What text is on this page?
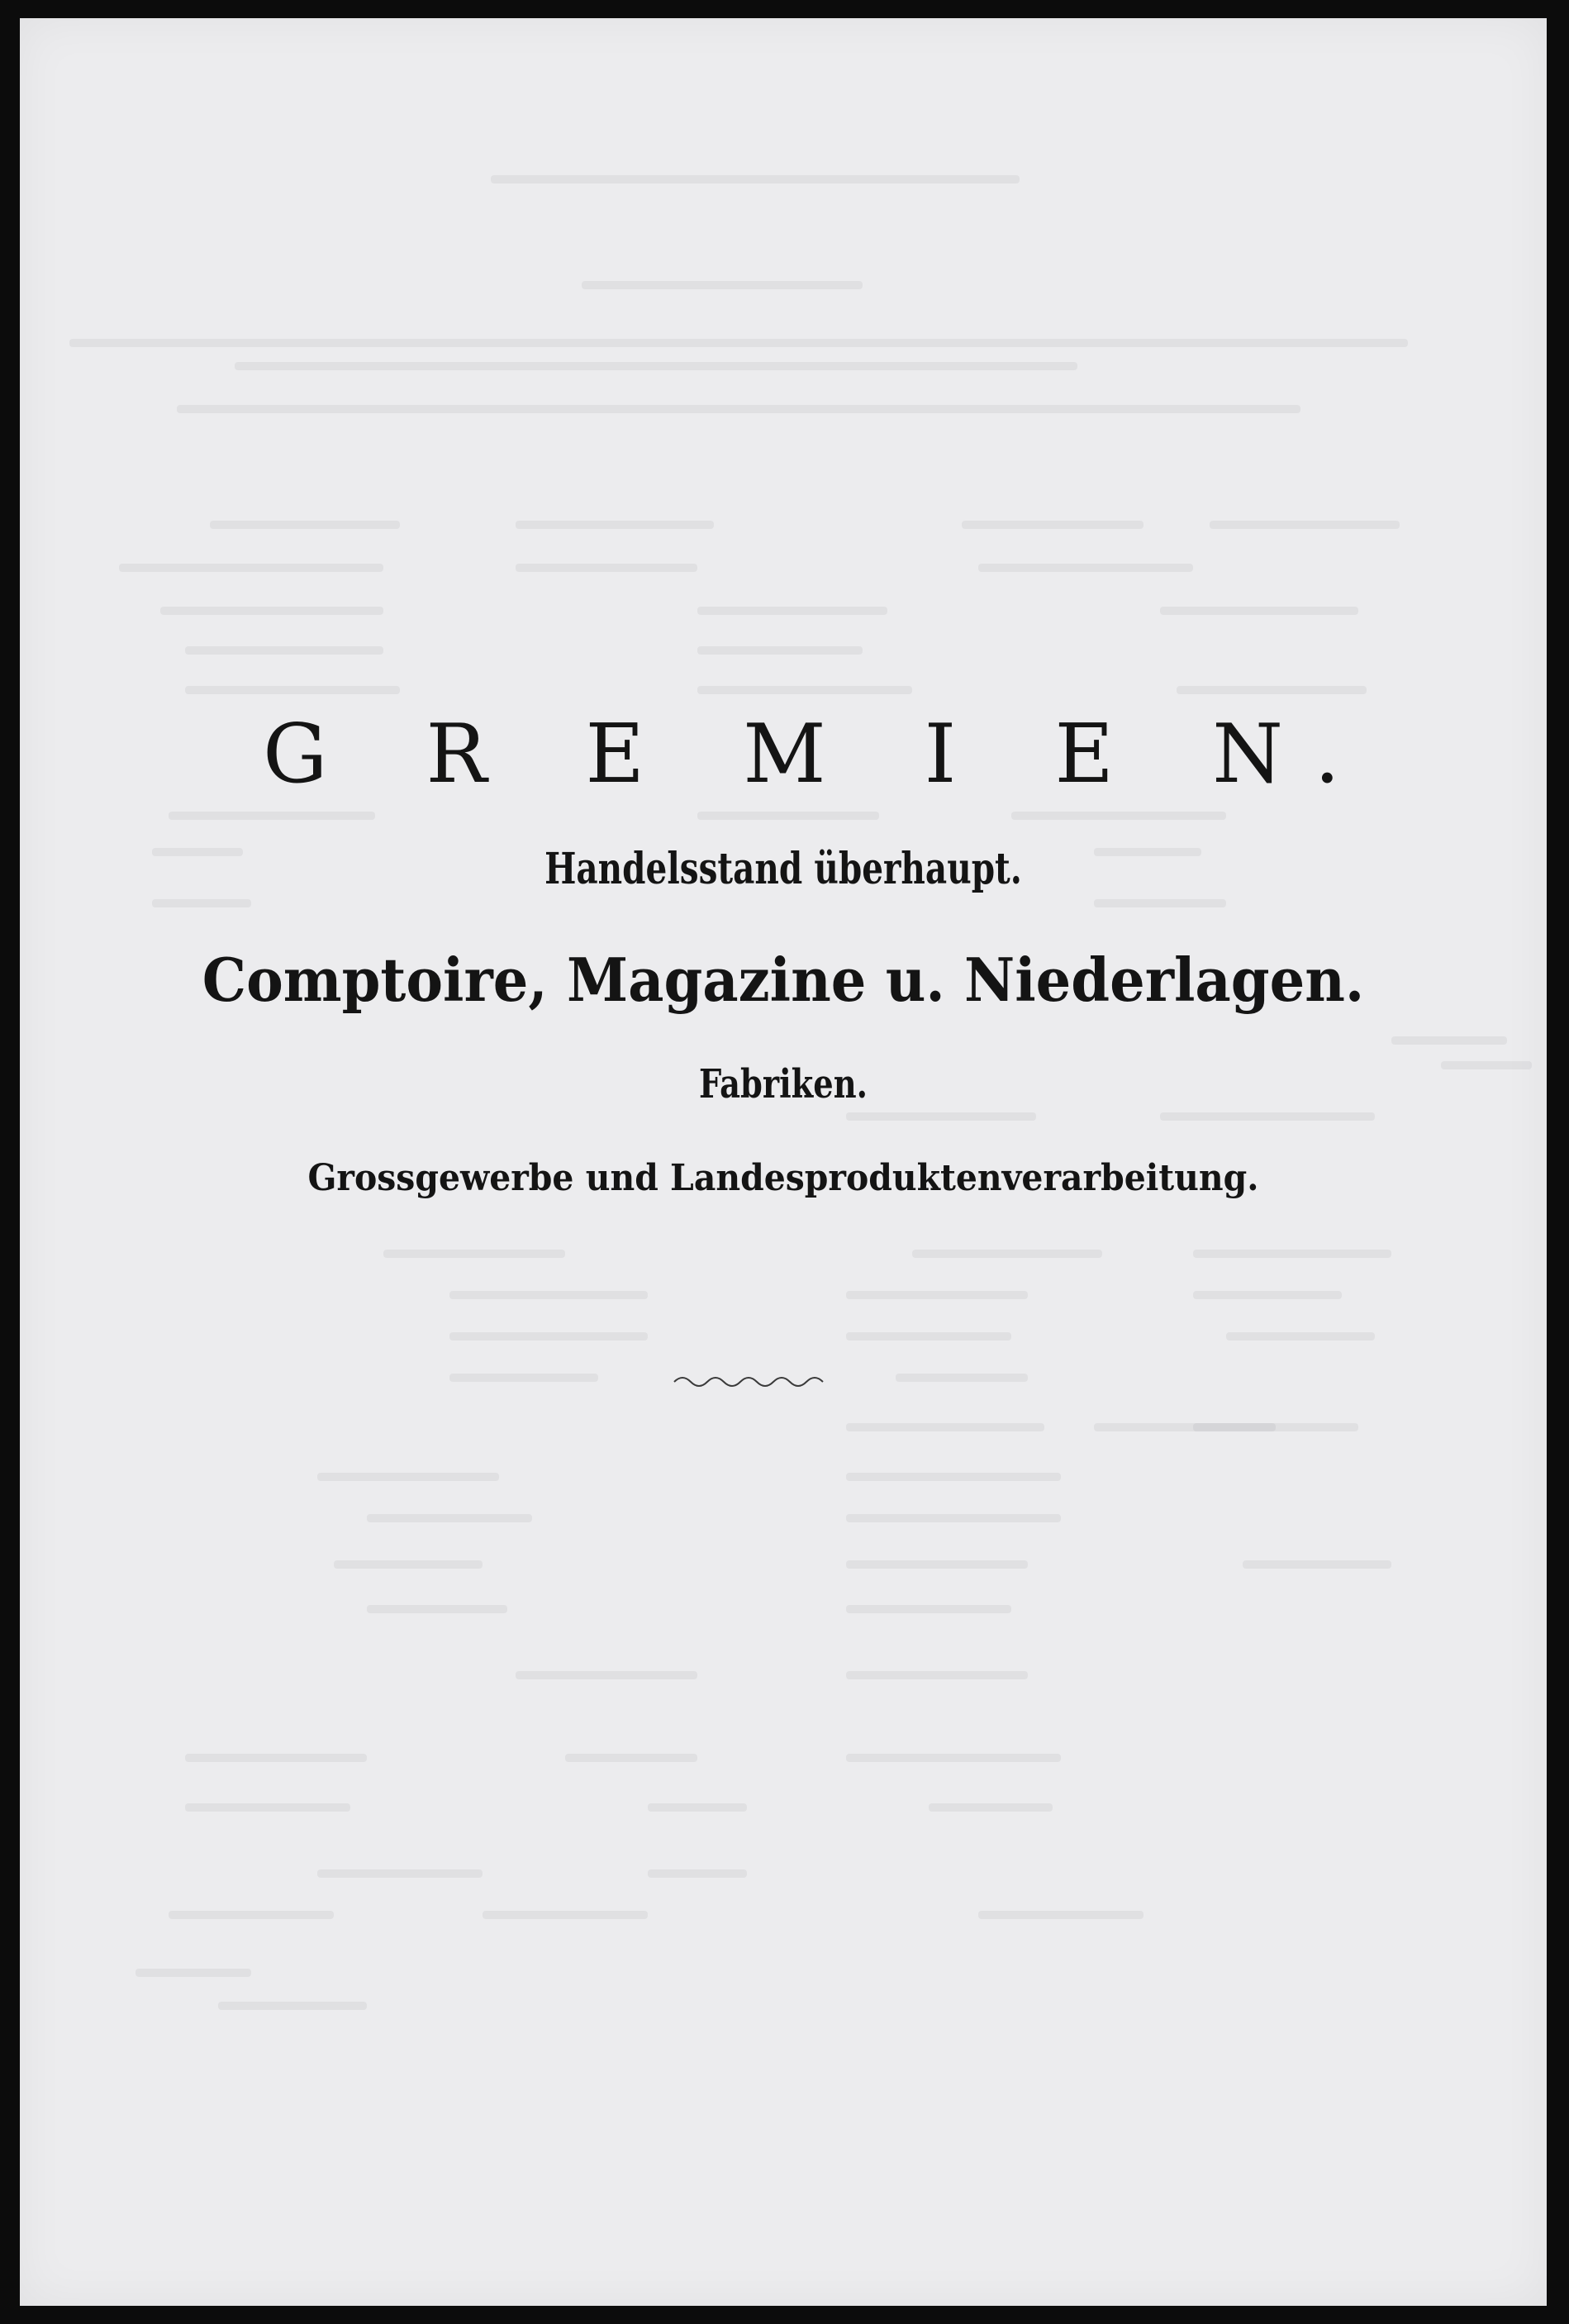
G R E M I E N.
Handelsstand überhaupt.
Comptoire, Magazine u. Niederlagen.
Fabriken.
Grossgewerbe und Landesproduktenverarbeitung.
